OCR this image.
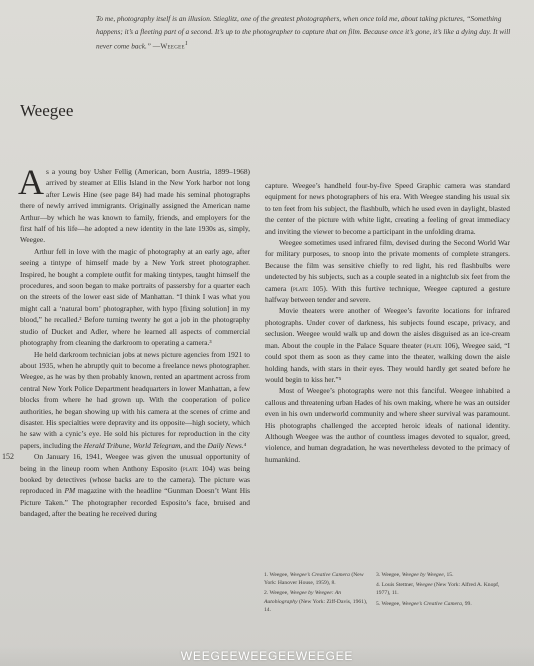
To me, photography itself is an illusion. Stieglitz, one of the greatest photographers, when once told me, about taking pictures, “Something happens; it’s a fleeting part of a second. It’s up to the photographer to capture that on film. Because once it’s gone, it’s like a dying day. It will never come back.” —Weegee$^1$
Weegee

As a young boy Usher Fellig (American, born Austria, 1899–1968) arrived by steamer at Ellis Island in the New York harbor not long after Lewis Hine (see page 84) had made his seminal photographs there of newly arrived immigrants. Originally assigned the American name Arthur—by which he was known to family, friends, and employers for the first half of his life—he adopted a new identity in the late 1930s as, simply, Weegee.

Arthur fell in love with the magic of photography at an early age, after seeing a tintype of himself made by a New York street photographer. Inspired, he bought a complete outfit for making tintypes, taught himself the procedures, and soon began to make portraits of passersby for a quarter each on the streets of the lower east side of Manhattan. “I think I was what you might call a ‘natural born’ photographer, with hypo [fixing solution] in my blood,” he recalled.² Before turning twenty he got a job in the photography studio of Ducket and Adler, where he learned all aspects of commercial photography from cleaning the darkroom to operating a camera.³

He held darkroom technician jobs at news picture agencies from 1921 to about 1935, when he abruptly quit to become a freelance news photographer. Weegee, as he was by then probably known, rented an apartment across from central New York Police Department headquarters in lower Manhattan, a few blocks from where he had grown up. With the cooperation of police authorities, he began showing up with his camera at the scenes of crime and disaster. His specialties were depravity and its opposite—high society, which he saw with a cynic’s eye. He sold his pictures for reproduction in the city papers, including the Herald Tribune, World Telegram, and the Daily News.⁴

On January 16, 1941, Weegee was given the unusual opportunity of being in the lineup room when Anthony Esposito (plate 104) was being booked by detectives (whose backs are to the camera). The picture was reproduced in PM magazine with the headline “Gunman Doesn’t Want His Picture Taken.” The photographer recorded Esposito’s face, bruised and bandaged, after the beating he received during

152

capture. Weegee’s handheld four-by-five Speed Graphic camera was standard equipment for news photographers of his era. With Weegee standing his usual six to ten feet from his subject, the flashbulb, which he used even in daylight, blasted the center of the picture with white light, creating a feeling of great immediacy and inviting the viewer to become a participant in the unfolding drama.

Weegee sometimes used infrared film, devised during the Second World War for military purposes, to snoop into the private moments of complete strangers. Because the film was sensitive chiefly to red light, his red flashbulbs were undetected by his subjects, such as a couple seated in a nightclub six feet from the camera (plate 105). With this furtive technique, Weegee captured a gesture halfway between tender and severe.

Movie theaters were another of Weegee’s favorite locations for infrared photographs. Under cover of darkness, his subjects found escape, privacy, and seclusion. Weegee would walk up and down the aisles disguised as an ice-cream man. About the couple in the Palace Square theater (plate 106), Weegee said, “I could spot them as soon as they came into the theater, walking down the aisle holding hands, with stars in their eyes. They would hardly get seated before he would begin to kiss her.”⁵

Most of Weegee’s photographs were not this fanciful. Weegee inhabited a callous and threatening urban Hades of his own making, where he was an outsider even in his own underworld community and where sheer survival was paramount. His photographs challenged the accepted heroic ideals of national identity. Although Weegee was the author of countless images devoted to squalor, greed, violence, and human degradation, he was nevertheless devoted to the primacy of humankind.

1. Weegee, Weegee’s Creative Camera (New York: Hanover House, 1959), 8.
2. Weegee, Weegee by Weegee: An Autobiography (New York: Ziff-Davis, 1961), 14.
3. Weegee, Weegee by Weegee, 15.
4. Louis Stettner, Weegee (New York: Alfred A. Knopf, 1977), 11.
5. Weegee, Weegee’s Creative Camera, 99.
WEEGEEWEEGEEWEEGEE
